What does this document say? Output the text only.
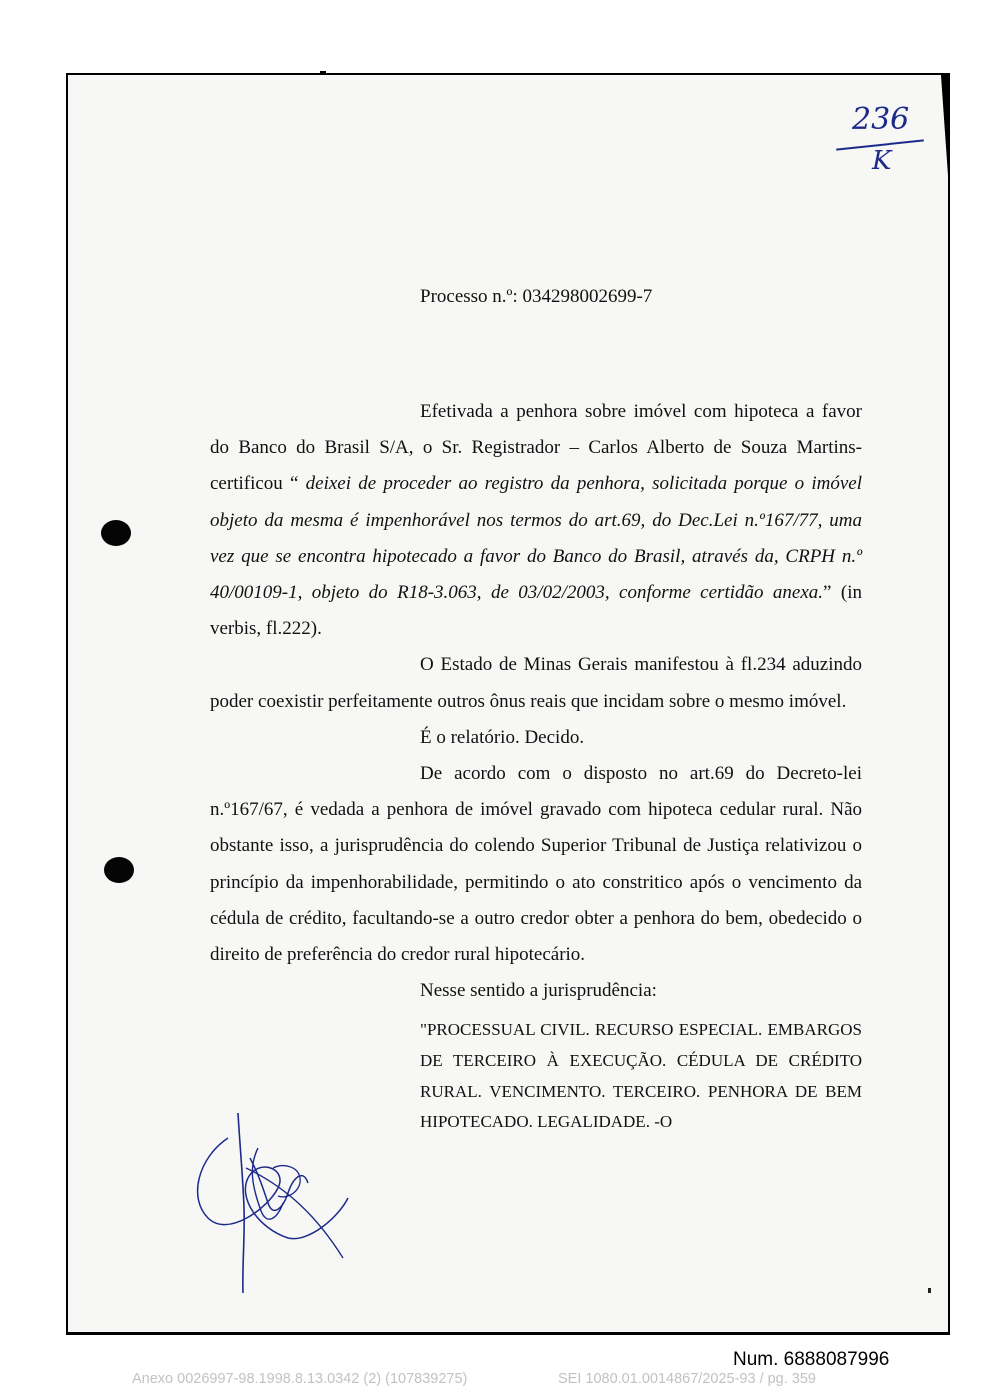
236
K
Processo n.º: 034298002699-7

Efetivada a penhora sobre imóvel com hipoteca a favor do Banco do Brasil S/A, o Sr. Registrador – Carlos Alberto de Souza Martins- certificou “ deixei de proceder ao registro da penhora, solicitada porque o imóvel objeto da mesma é impenhorável nos termos do art.69, do Dec.Lei n.º167/77, uma vez que se encontra hipotecado a favor do Banco do Brasil, através da, CRPH n.º 40/00109-1, objeto do R18-3.063, de 03/02/2003, conforme certidão anexa.” (in verbis, fl.222).

O Estado de Minas Gerais manifestou à fl.234 aduzindo poder coexistir perfeitamente outros ônus reais que incidam sobre o mesmo imóvel.

É o relatório. Decido.

De acordo com o disposto no art.69 do Decreto-lei n.º167/67, é vedada a penhora de imóvel gravado com hipoteca cedular rural. Não obstante isso, a jurisprudência do colendo Superior Tribunal de Justiça relativizou o princípio da impenhorabilidade, permitindo o ato constritico após o vencimento da cédula de crédito, facultando-se a outro credor obter a penhora do bem, obedecido o direito de preferência do credor rural hipotecário.

Nesse sentido a jurisprudência:

"PROCESSUAL CIVIL. RECURSO ESPECIAL. EMBARGOS DE TERCEIRO À EXECUÇÃO. CÉDULA DE CRÉDITO RURAL. VENCIMENTO. TERCEIRO. PENHORA DE BEM HIPOTECADO. LEGALIDADE. -O

Num. 6888087996
Anexo 0026997-98.1998.8.13.0342 (2) (107839275)	SEI 1080.01.0014867/2025-93 / pg. 359
